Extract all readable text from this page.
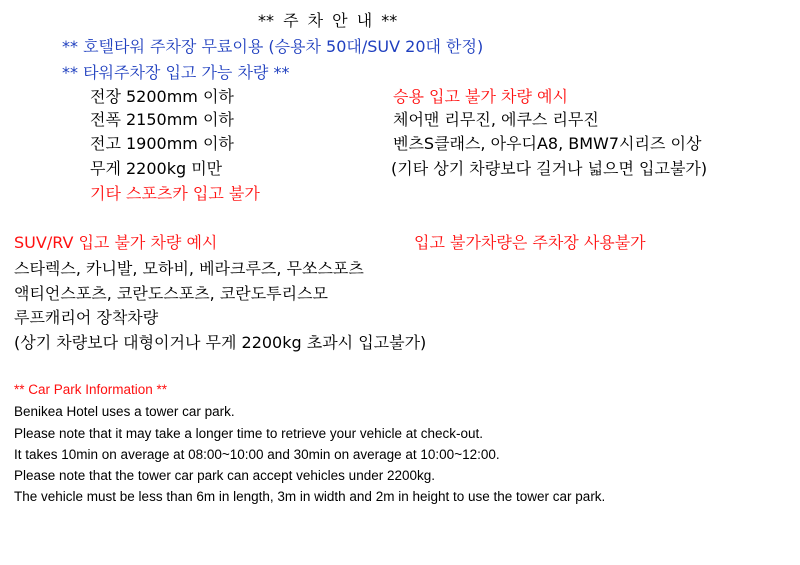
** 주 차 안 내 **
** 호텔타워 주차장 무료이용 (승용차 50대/SUV 20대 한정)
** 타워주차장 입고 가능 차량 **
전장 5200mm 이하
전폭 2150mm 이하
전고 1900mm 이하
무게 2200kg 미만
기타 스포츠카 입고 불가
승용 입고 불가 차량 예시
체어맨 리무진, 에쿠스 리무진
벤츠S클래스, 아우디A8, BMW7시리즈 이상
(기타 상기 차량보다 길거나 넓으면 입고불가)
SUV/RV 입고 불가 차량 예시	입고 불가차량은 주차장 사용불가
스타렉스, 카니발, 모하비, 베라크루즈, 무쏘스포츠
액티언스포츠, 코란도스포츠, 코란도투리스모
루프캐리어 장착차량
(상기 차량보다 대형이거나 무게 2200kg 초과시 입고불가)
** Car Park Information **
Benikea Hotel uses a tower car park.
Please note that it may take a longer time to retrieve your vehicle at check-out.
It takes 10min on average at 08:00~10:00 and 30min on average at 10:00~12:00.
Please note that the tower car park can accept vehicles under 2200kg.
The vehicle must be less than 6m in length, 3m in width and 2m in height to use the tower car park.
